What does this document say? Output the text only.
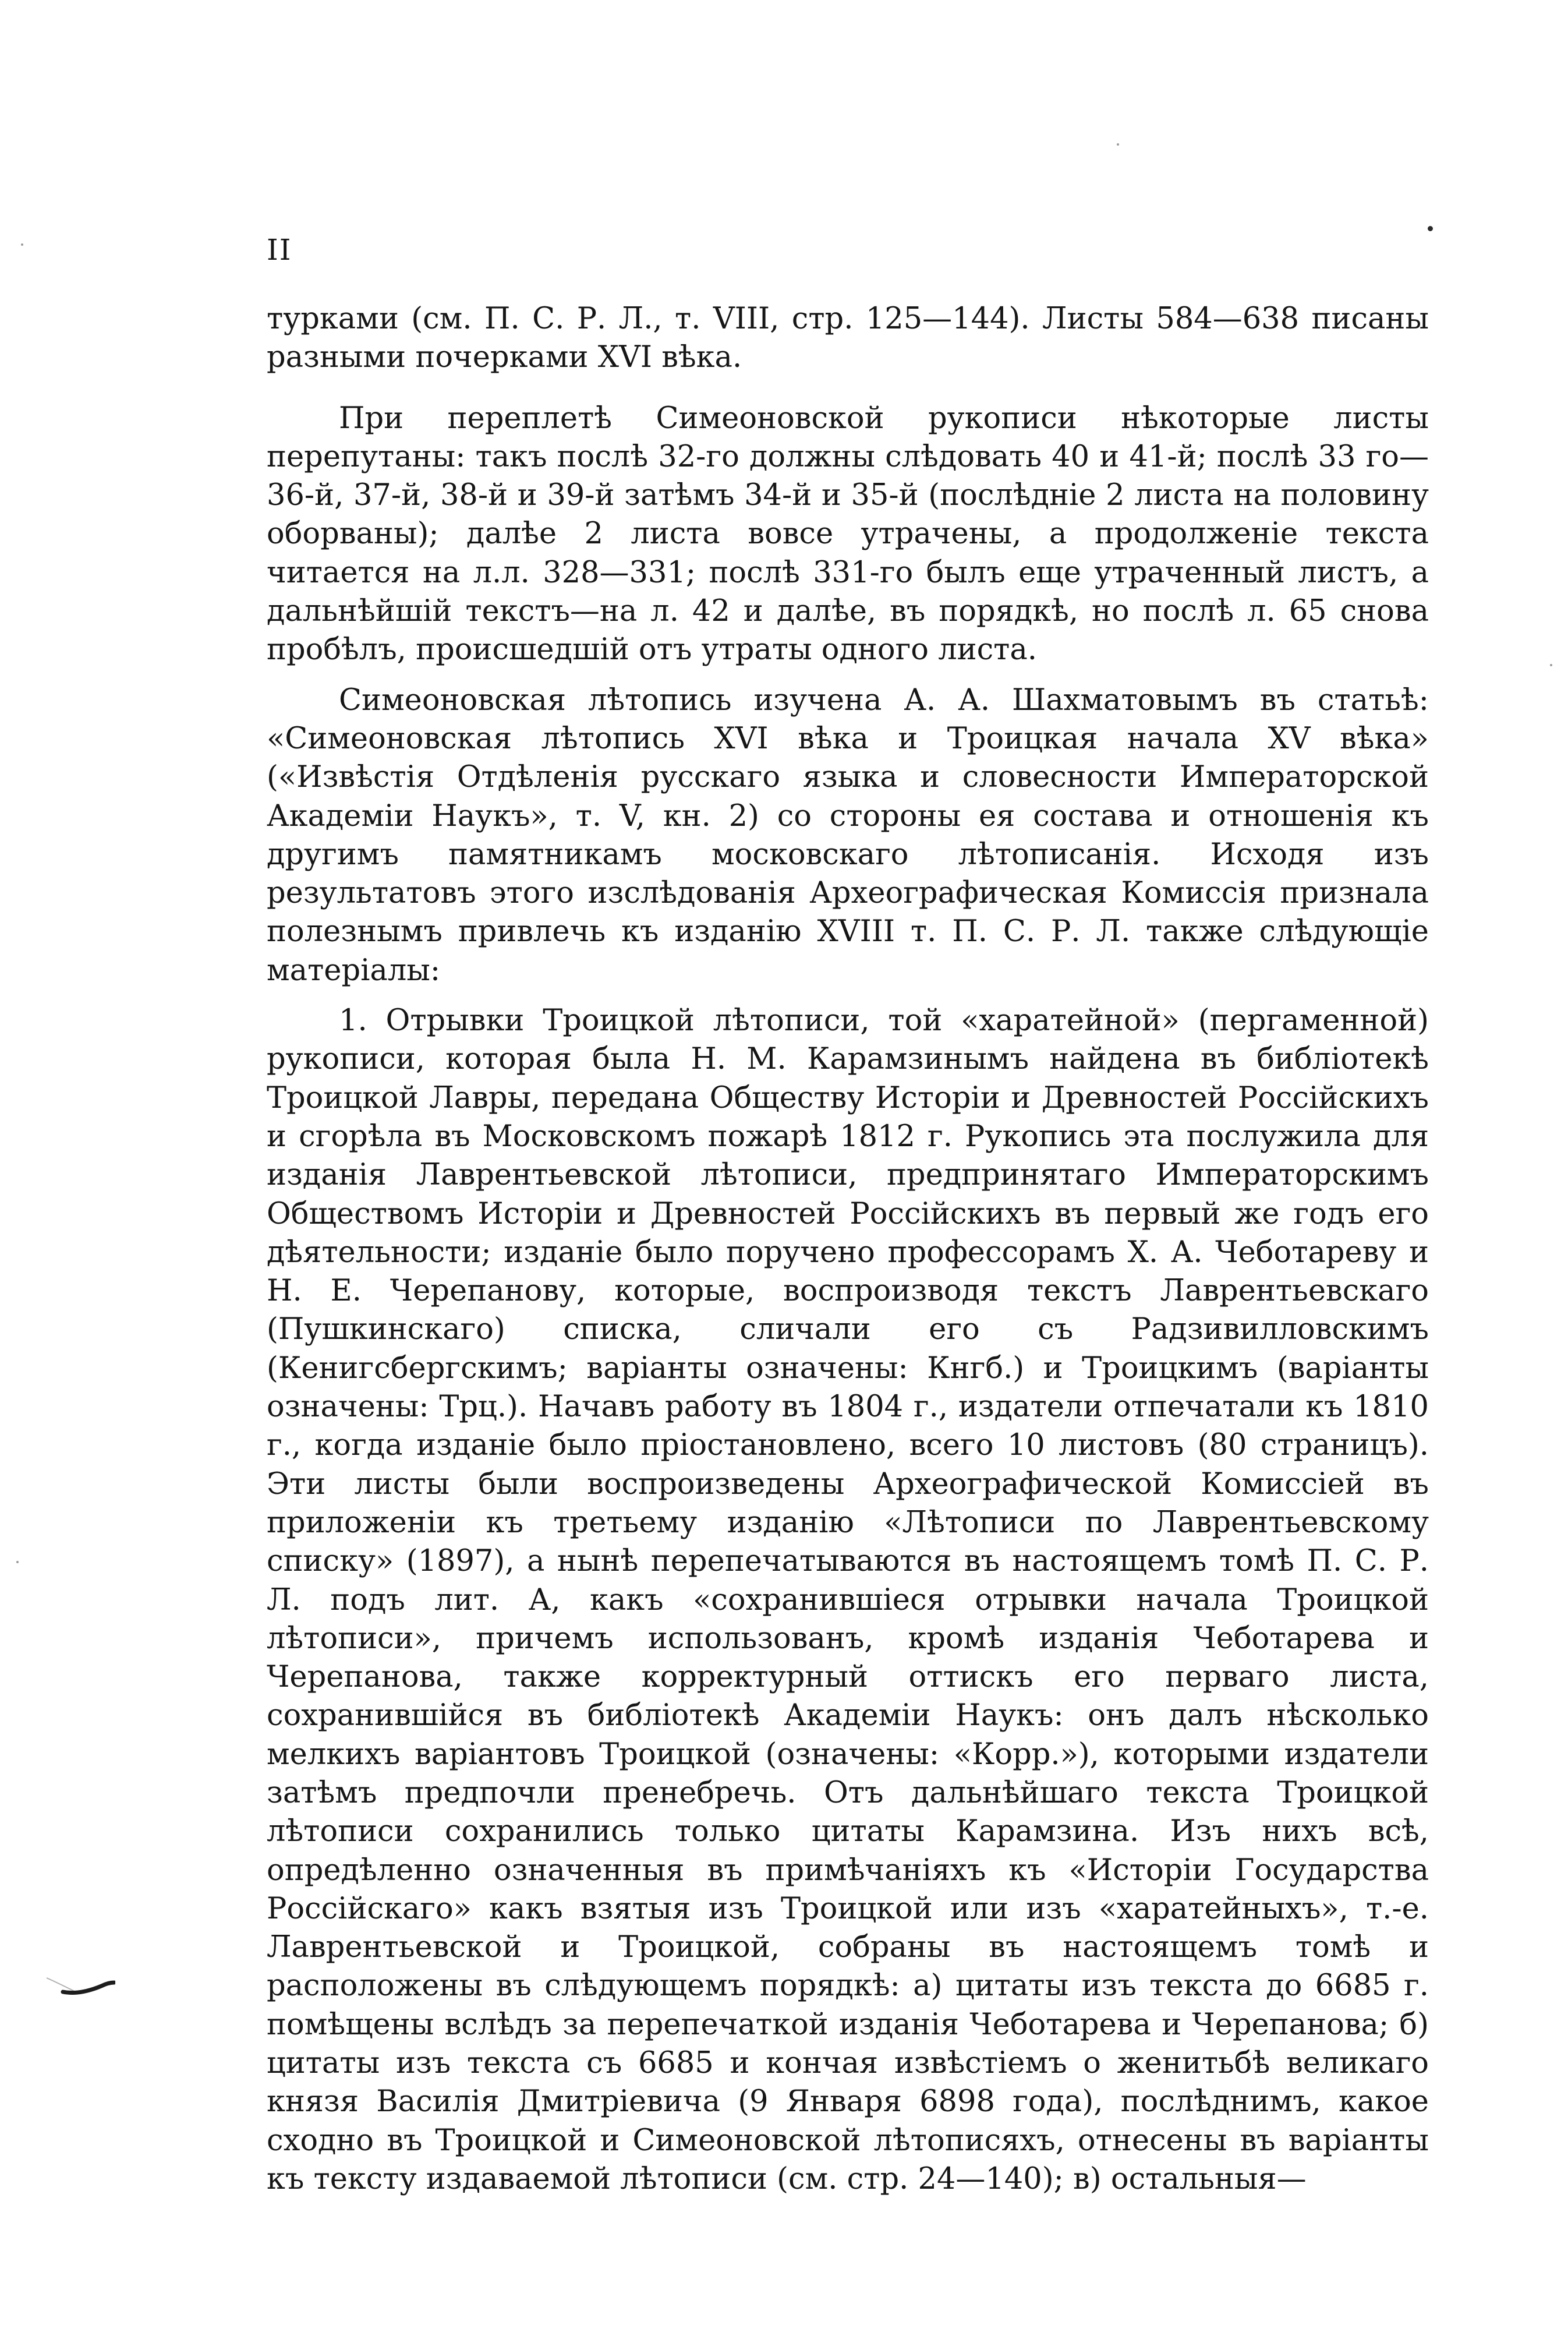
II

турками (см. П. С. Р. Л., т. VIII, стр. 125—144). Листы 584—638 писаны разными почерками XVI вѣка.

При переплетѣ Симеоновской рукописи нѣкоторые листы перепутаны: такъ послѣ 32-го должны слѣдовать 40 и 41-й; послѣ 33 го—36-й, 37-й, 38-й и 39-й затѣмъ 34-й и 35-й (послѣдніе 2 листа на половину оборваны); далѣе 2 листа вовсе утрачены, а продолженіе текста читается на л.л. 328—331; послѣ 331-го былъ еще утраченный листъ, а дальнѣйшій текстъ—на л. 42 и далѣе, въ порядкѣ, но послѣ л. 65 снова пробѣлъ, происшедшій отъ утраты одного листа.

Симеоновская лѣтопись изучена А. А. Шахматовымъ въ статьѣ: «Симеоновская лѣтопись XVI вѣка и Троицкая начала XV вѣка» («Извѣстія Отдѣленія русскаго языка и словесности Императорской Академіи Наукъ», т. V, кн. 2) со стороны ея состава и отношенія къ другимъ памятникамъ московскаго лѣтописанія. Исходя изъ результатовъ этого изслѣдованія Археографическая Комиссія признала полезнымъ привлечь къ изданію XVIII т. П. С. Р. Л. также слѣдующіе матеріалы:

1. Отрывки Троицкой лѣтописи, той «харатейной» (пергаменной) рукописи, которая была Н. М. Карамзинымъ найдена въ библіотекѣ Троицкой Лавры, передана Обществу Исторіи и Древностей Россійскихъ и сгорѣла въ Московскомъ пожарѣ 1812 г. Рукопись эта послужила для изданія Лаврентьевской лѣтописи, предпринятаго Императорскимъ Обществомъ Исторіи и Древностей Россійскихъ въ первый же годъ его дѣятельности; изданіе было поручено профессорамъ Х. А. Чеботареву и Н. Е. Черепанову, которые, воспроизводя текстъ Лаврентьевскаго (Пушкинскаго) списка, сличали его съ Радзивилловскимъ (Кенигсбергскимъ; варіанты означены: Кнгб.) и Троицкимъ (варіанты означены: Трц.). Начавъ работу въ 1804 г., издатели отпечатали къ 1810 г., когда изданіе было пріостановлено, всего 10 листовъ (80 страницъ). Эти листы были воспроизведены Археографической Комиссіей въ приложеніи къ третьему изданію «Лѣтописи по Лаврентьевскому списку» (1897), а нынѣ перепечатываются въ настоящемъ томѣ П. С. Р. Л. подъ лит. А, какъ «сохранившіеся отрывки начала Троицкой лѣтописи», причемъ использованъ, кромѣ изданія Чеботарева и Черепанова, также корректурный оттискъ его перваго листа, сохранившійся въ библіотекѣ Академіи Наукъ: онъ далъ нѣсколько мелкихъ варіантовъ Троицкой (означены: «Корр.»), которыми издатели затѣмъ предпочли пренебречь. Отъ дальнѣйшаго текста Троицкой лѣтописи сохранились только цитаты Карамзина. Изъ нихъ всѣ, опредѣленно означенныя въ примѣчаніяхъ къ «Исторіи Государства Россійскаго» какъ взятыя изъ Троицкой или изъ «харатейныхъ», т.-е. Лаврентьевской и Троицкой, собраны въ настоящемъ томѣ и расположены въ слѣдующемъ порядкѣ: а) цитаты изъ текста до 6685 г. помѣщены вслѣдъ за перепечаткой изданія Чеботарева и Черепанова; б) цитаты изъ текста съ 6685 и кончая извѣстіемъ о женитьбѣ великаго князя Василія Дмитріевича (9 Января 6898 года), послѣднимъ, какое сходно въ Троицкой и Симеоновской лѣтописяхъ, отнесены въ варіанты къ тексту издаваемой лѣтописи (см. стр. 24—140); в) остальныя—
